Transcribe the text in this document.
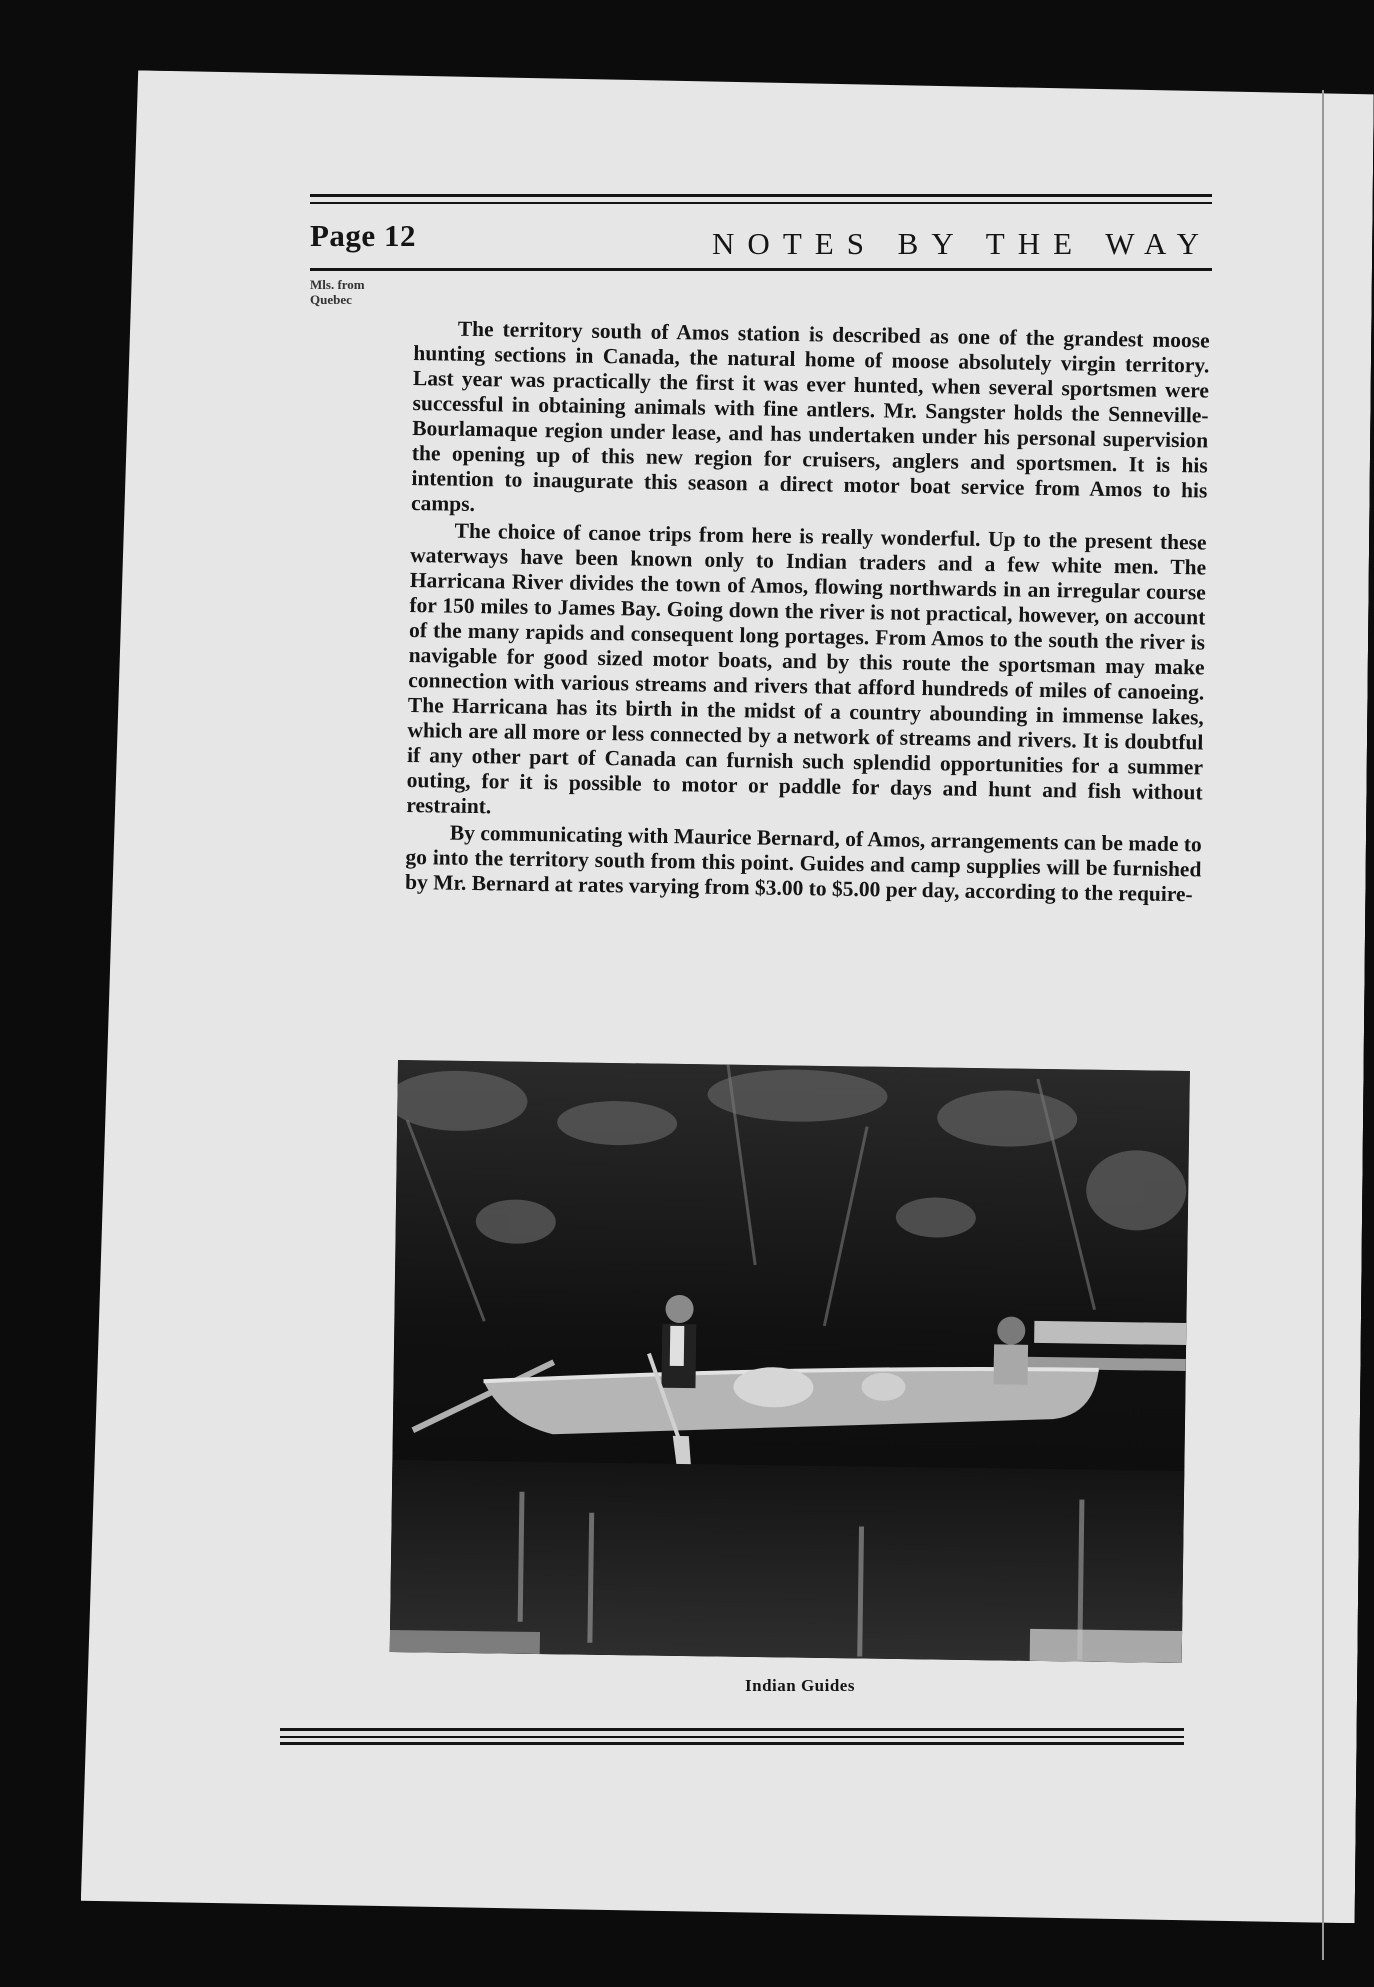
Page 12	NOTES BY THE WAY
Mls. from
Quebec

The territory south of Amos station is described as one of the grandest moose hunting sections in Canada, the natural home of moose absolutely virgin territory. Last year was practically the first it was ever hunted, when several sportsmen were successful in obtaining animals with fine antlers. Mr. Sangster holds the Senneville-Bourlamaque region under lease, and has undertaken under his personal supervision the opening up of this new region for cruisers, anglers and sportsmen. It is his intention to inaugurate this season a direct motor boat service from Amos to his camps.

The choice of canoe trips from here is really wonderful. Up to the present these waterways have been known only to Indian traders and a few white men. The Harricana River divides the town of Amos, flowing northwards in an irregular course for 150 miles to James Bay. Going down the river is not practical, however, on account of the many rapids and consequent long portages. From Amos to the south the river is navigable for good sized motor boats, and by this route the sportsman may make connection with various streams and rivers that afford hundreds of miles of canoeing. The Harricana has its birth in the midst of a country abounding in immense lakes, which are all more or less connected by a network of streams and rivers. It is doubtful if any other part of Canada can furnish such splendid opportunities for a summer outing, for it is possible to motor or paddle for days and hunt and fish without restraint.

By communicating with Maurice Bernard, of Amos, arrangements can be made to go into the territory south from this point. Guides and camp supplies will be furnished by Mr. Bernard at rates varying from $3.00 to $5.00 per day, according to the require-

Indian Guides
